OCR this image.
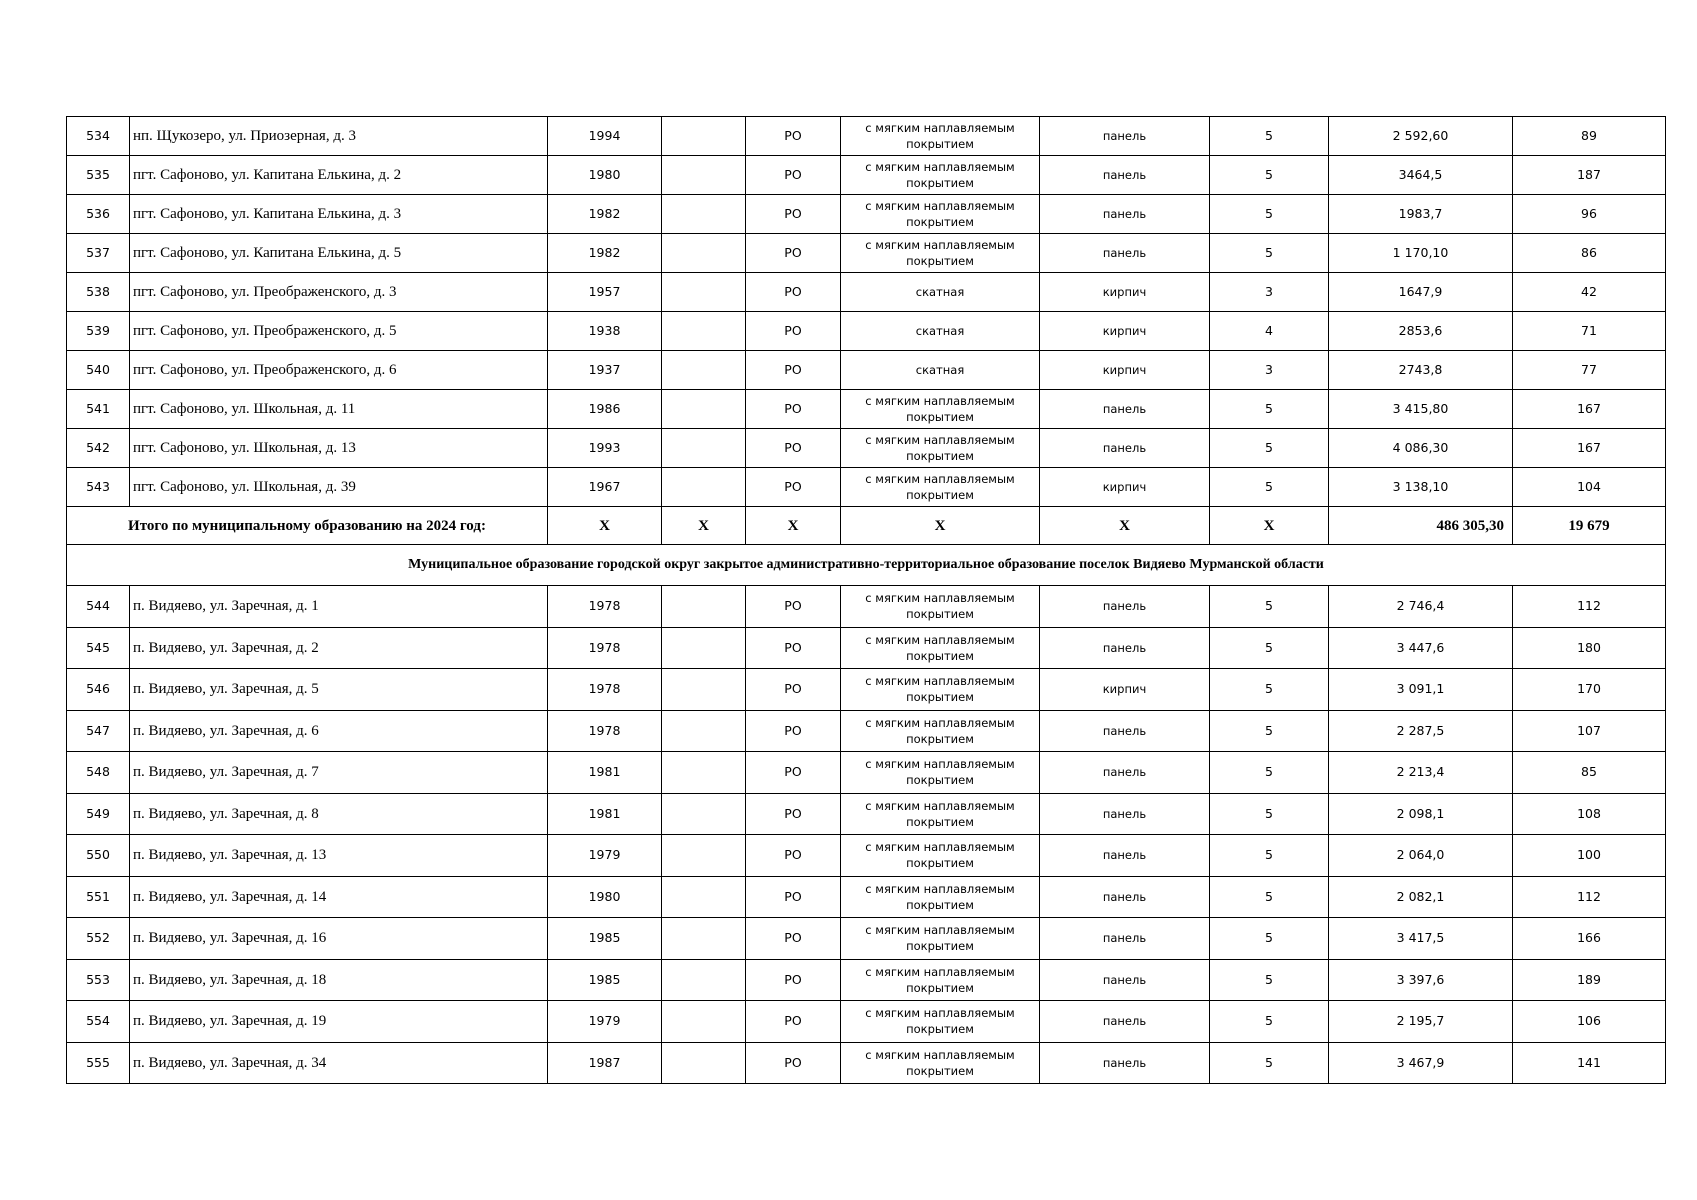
534	нп. Щукозеро, ул. Приозерная, д. 3	1994		РО	с мягким наплавляемым покрытием	панель	5	2 592,60	89
535	пгт. Сафоново, ул. Капитана Елькина, д. 2	1980		РО	с мягким наплавляемым покрытием	панель	5	3464,5	187
536	пгт. Сафоново, ул. Капитана Елькина, д. 3	1982		РО	с мягким наплавляемым покрытием	панель	5	1983,7	96
537	пгт. Сафоново, ул. Капитана Елькина, д. 5	1982		РО	с мягким наплавляемым покрытием	панель	5	1 170,10	86
538	пгт. Сафоново, ул. Преображенского, д. 3	1957		РО	скатная	кирпич	3	1647,9	42
539	пгт. Сафоново, ул. Преображенского, д. 5	1938		РО	скатная	кирпич	4	2853,6	71
540	пгт. Сафоново, ул. Преображенского, д. 6	1937		РО	скатная	кирпич	3	2743,8	77
541	пгт. Сафоново, ул. Школьная, д. 11	1986		РО	с мягким наплавляемым покрытием	панель	5	3 415,80	167
542	пгт. Сафоново, ул. Школьная, д. 13	1993		РО	с мягким наплавляемым покрытием	панель	5	4 086,30	167
543	пгт. Сафоново, ул. Школьная, д. 39	1967		РО	с мягким наплавляемым покрытием	кирпич	5	3 138,10	104
Итого по муниципальному образованию на 2024 год:		X	X	X	X	X	X	486 305,30	19 679
Муниципальное образование городской округ закрытое административно-территориальное образование поселок Видяево Мурманской области									
544	п. Видяево, ул. Заречная, д. 1	1978		РО	с мягким наплавляемым покрытием	панель	5	2 746,4	112
545	п. Видяево, ул. Заречная, д. 2	1978		РО	с мягким наплавляемым покрытием	панель	5	3 447,6	180
546	п. Видяево, ул. Заречная, д. 5	1978		РО	с мягким наплавляемым покрытием	кирпич	5	3 091,1	170
547	п. Видяево, ул. Заречная, д. 6	1978		РО	с мягким наплавляемым покрытием	панель	5	2 287,5	107
548	п. Видяево, ул. Заречная, д. 7	1981		РО	с мягким наплавляемым покрытием	панель	5	2 213,4	85
549	п. Видяево, ул. Заречная, д. 8	1981		РО	с мягким наплавляемым покрытием	панель	5	2 098,1	108
550	п. Видяево, ул. Заречная, д. 13	1979		РО	с мягким наплавляемым покрытием	панель	5	2 064,0	100
551	п. Видяево, ул. Заречная, д. 14	1980		РО	с мягким наплавляемым покрытием	панель	5	2 082,1	112
552	п. Видяево, ул. Заречная, д. 16	1985		РО	с мягким наплавляемым покрытием	панель	5	3 417,5	166
553	п. Видяево, ул. Заречная, д. 18	1985		РО	с мягким наплавляемым покрытием	панель	5	3 397,6	189
554	п. Видяево, ул. Заречная, д. 19	1979		РО	с мягким наплавляемым покрытием	панель	5	2 195,7	106
555	п. Видяево, ул. Заречная, д. 34	1987		РО	с мягким наплавляемым покрытием	панель	5	3 467,9	141
